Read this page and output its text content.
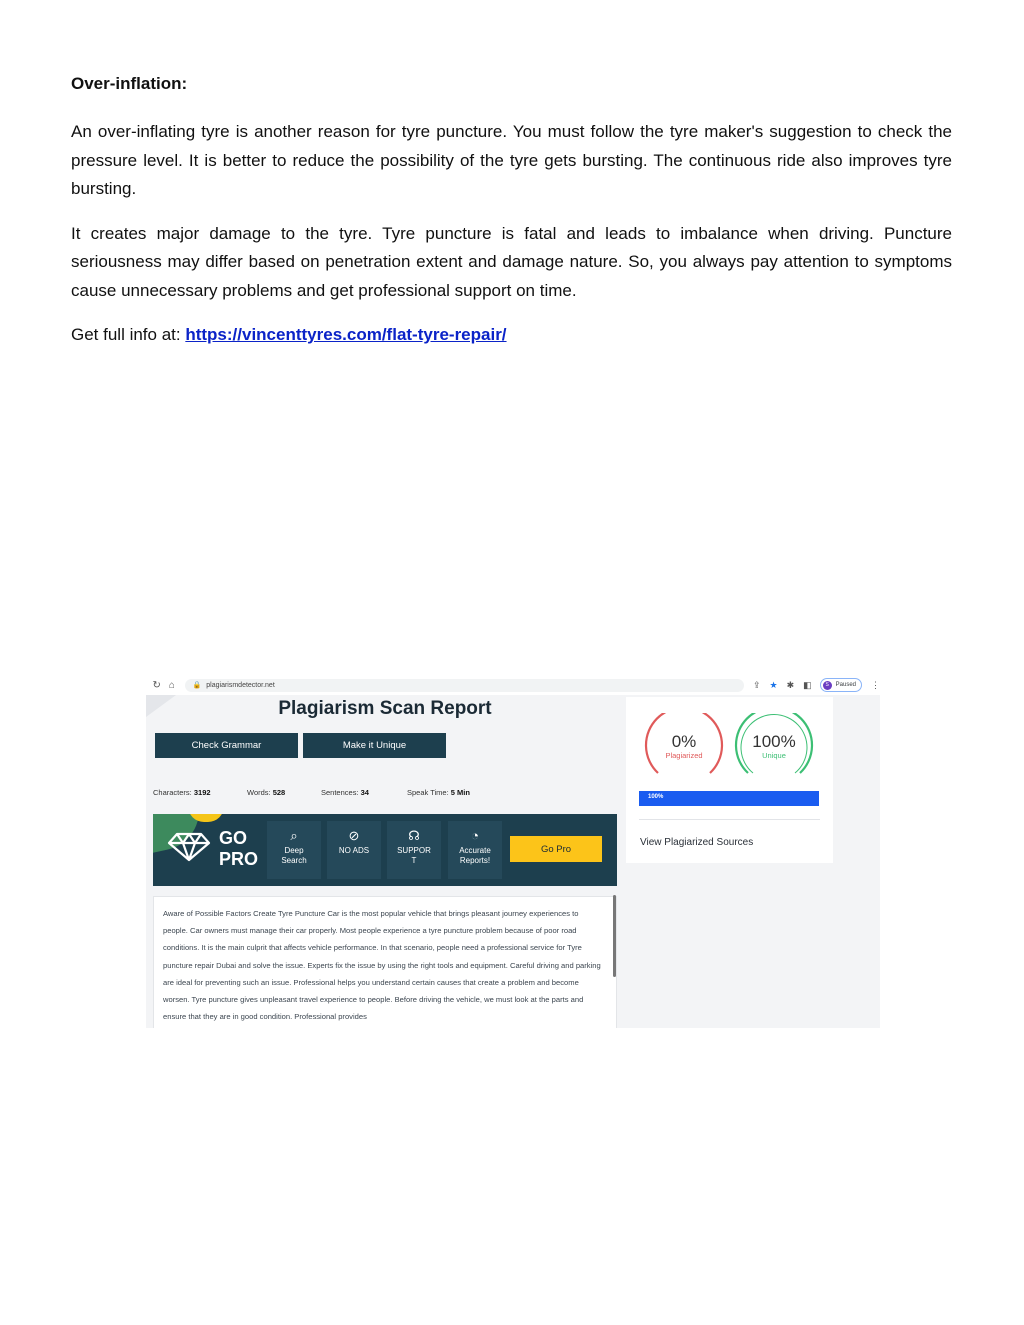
Over-inflation:

An over-inflating tyre is another reason for tyre puncture. You must follow the tyre maker's suggestion to check the pressure level. It is better to reduce the possibility of the tyre gets bursting. The continuous ride also improves tyre bursting.

It creates major damage to the tyre. Tyre puncture is fatal and leads to imbalance when driving. Puncture seriousness may differ based on penetration extent and damage nature. So, you always pay attention to symptoms cause unnecessary problems and get professional support on time.

Get full info at: https://vincenttyres.com/flat-tyre-repair/

↻ ⌂	🔒 plagiarismdetector.net	⇪ ★ ✱ ◧	S	Paused ⋮
Plagiarism Scan Report
Check Grammar	Make it Unique
Characters: 3192	Words: 528	Sentences: 34	Speak Time: 5 Min
GO
PRO
⌕
Deep
Search
⊘
NO ADS
☊
SUPPOR
T
◔
Accurate
Reports!
Go Pro

Aware of Possible Factors Create Tyre Puncture Car is the most popular vehicle that brings pleasant journey experiences to people. Car owners must manage their car properly. Most people experience a tyre puncture problem because of poor road conditions. It is the main culprit that affects vehicle performance. In that scenario, people need a professional service for Tyre puncture repair Dubai and solve the issue. Experts fix the issue by using the right tools and equipment. Careful driving and parking are ideal for preventing such an issue. Professional helps you understand certain causes that create a problem and become worsen. Tyre puncture gives unpleasant travel experience to people. Before driving the vehicle, we must look at the parts and ensure that they are in good condition. Professional provides

0%
Plagiarized
100%
Unique
100%
View Plagiarized Sources
